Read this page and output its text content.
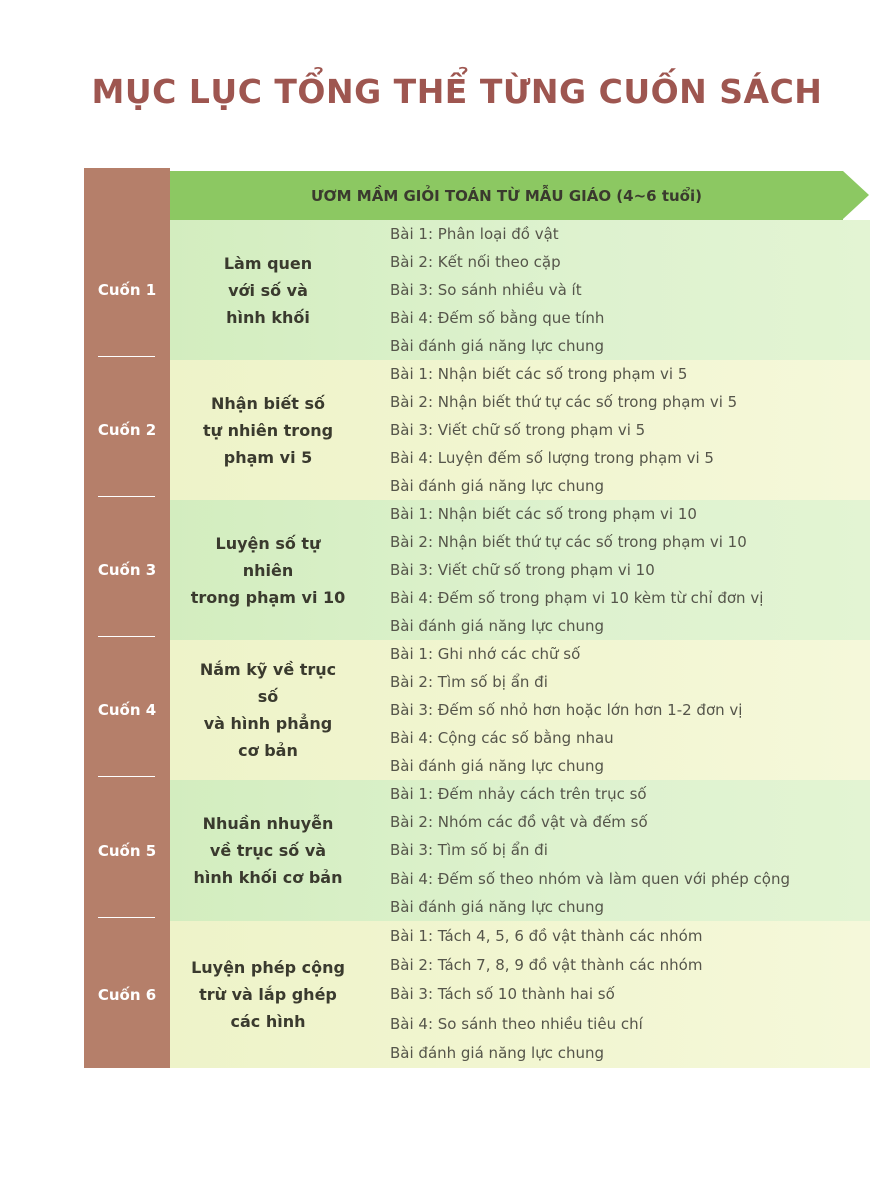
MỤC LỤC TỔNG THỂ TỪNG CUỐN SÁCH
ƯƠM MẦM GIỎI TOÁN TỪ MẪU GIÁO (4~6 tuổi)
Cuốn 1
Làm quen
với số và
hình khối
Bài 1: Phân loại đồ vật
Bài 2: Kết nối theo cặp
Bài 3: So sánh nhiều và ít
Bài 4: Đếm số bằng que tính
Bài đánh giá năng lực chung
Cuốn 2
Nhận biết số
tự nhiên trong
phạm vi 5
Bài 1: Nhận biết các số trong phạm vi 5
Bài 2: Nhận biết thứ tự các số trong phạm vi 5
Bài 3: Viết chữ số trong phạm vi 5
Bài 4: Luyện đếm số lượng trong phạm vi 5
Bài đánh giá năng lực chung
Cuốn 3
Luyện số tự nhiên
trong phạm vi 10
Bài 1: Nhận biết các số trong phạm vi 10
Bài 2: Nhận biết thứ tự các số trong phạm vi 10
Bài 3: Viết chữ số trong phạm vi 10
Bài 4: Đếm số trong phạm vi 10 kèm từ chỉ đơn vị
Bài đánh giá năng lực chung
Cuốn 4
Nắm kỹ về trục số
và hình phẳng
cơ bản
Bài 1: Ghi nhớ các chữ số
Bài 2: Tìm số bị ẩn đi
Bài 3: Đếm số nhỏ hơn hoặc lớn hơn 1-2 đơn vị
Bài 4: Cộng các số bằng nhau
Bài đánh giá năng lực chung
Cuốn 5
Nhuần nhuyễn
về trục số và
hình khối cơ bản
Bài 1: Đếm nhảy cách trên trục số
Bài 2: Nhóm các đồ vật và đếm số
Bài 3: Tìm số bị ẩn đi
Bài 4: Đếm số theo nhóm và làm quen với phép cộng
Bài đánh giá năng lực chung
Cuốn 6
Luyện phép cộng
trừ và lắp ghép
các hình
Bài 1: Tách 4, 5, 6 đồ vật thành các nhóm
Bài 2: Tách 7, 8, 9 đồ vật thành các nhóm
Bài 3: Tách số 10 thành hai số
Bài 4: So sánh theo nhiều tiêu chí
Bài đánh giá năng lực chung
